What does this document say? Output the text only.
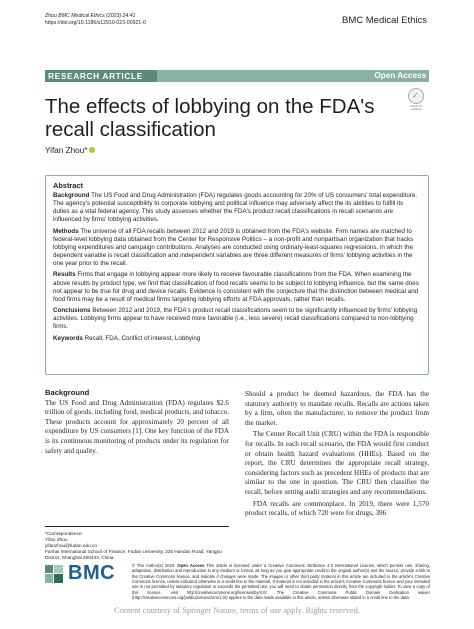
Zhou BMC Medical Ethics (2023) 24:41
https://doi.org/10.1186/s12910-023-00921-0	BMC Medical Ethics
RESEARCH ARTICLE	Open Access
The effects of lobbying on the FDA's recall classification
✓
Check for updates
Yifan Zhou*
Abstract

Background The US Food and Drug Administration (FDA) regulates goods accounting for 20% of US consumers' total expenditure. The agency's potential susceptibility to corporate lobbying and political influence may adversely affect the its abilities to fulfill its duties as a vital federal agency. This study assesses whether the FDA's product recall classifications in recall scenarios are influenced by firms' lobbying activities.

Methods The universe of all FDA recalls between 2012 and 2019 is obtained from the FDA's website. Firm names are matched to federal-level lobbying data obtained from the Center for Responsive Politics – a non-profit and nonpartisan organization that tracks lobbying expenditures and campaign contributions. Analyses are conducted using ordinary-least-squares regressions, in which the dependent variable is recall classification and independent variables are three different measures of firms' lobbying activities in the one year prior to the recall.

Results Firms that engage in lobbying appear more likely to receive favourable classifications from the FDA. When examining the above results by product type, we find that classification of food recalls seems to be subject to lobbying influence, but the same does not appear to be true for drug and device recalls. Evidence is consistent with the conjecture that the distinction between medical and food firms may be a result of medical firms targeting lobbying efforts at FDA approvals, rather than recalls.

Conclusions Between 2012 and 2019, the FDA's product recall classifications seem to be significantly influenced by firms' lobbying activities. Lobbying firms appear to have received more favorable (i.e., less severe) recall classifications compared to non-lobbying firms.

Keywords Recall, FDA, Conflict of interest, Lobbying

Background

The US Food and Drug Administration (FDA) regulates $2.6 trillion of goods, including food, medical products, and tobacco. These products account for approximately 20 percent of all expenditure by US consumers [1]. One key function of the FDA is its continuous monitoring of products under its regulation for safety and quality.

Should a product be deemed hazardous, the FDA has the statutory authority to mandate recalls. Recalls are actions taken by a firm, often the manufacturer, to remove the product from the market.

The Center Recall Unit (CRU) within the FDA is responsible for recalls. In each recall scenario, the FDA would first conduct or obtain health hazard evaluations (HHEs). Based on the report, the CRU determines the appropriate recall strategy, considering factors such as precedent HHEs of products that are similar to the one in question. The CRU then classifies the recall, before setting audit strategies and any recommendations.

FDA recalls are commonplace. In 2019, there were 1,570 product recalls, of which 720 were for drugs, 396

*Correspondence:
Yifan Zhou
yifanzhou@fudan.edu.cn
Fanhai International School of Finance, Fudan University, 220 Handan Road, Yangpu District, Shanghai 200433, China
BMC	© The Author(s) 2023. Open Access This article is licensed under a Creative Commons Attribution 4.0 International License, which permits use, sharing, adaptation, distribution and reproduction in any medium or format, as long as you give appropriate credit to the original author(s) and the source, provide a link to the Creative Commons licence, and indicate if changes were made. The images or other third party material in this article are included in the article's Creative Commons licence, unless indicated otherwise in a credit line to the material. If material is not included in the article's Creative Commons licence and your intended use is not permitted by statutory regulation or exceeds the permitted use, you will need to obtain permission directly from the copyright holder. To view a copy of this licence, visit http://creativecommons.org/licenses/by/4.0/. The Creative Commons Public Domain Dedication waiver (http://creativecommons.org/publicdomain/zero/1.0/) applies to the data made available in this article, unless otherwise stated in a credit line to the data.
Content courtesy of Springer Nature, terms of use apply. Rights reserved.
